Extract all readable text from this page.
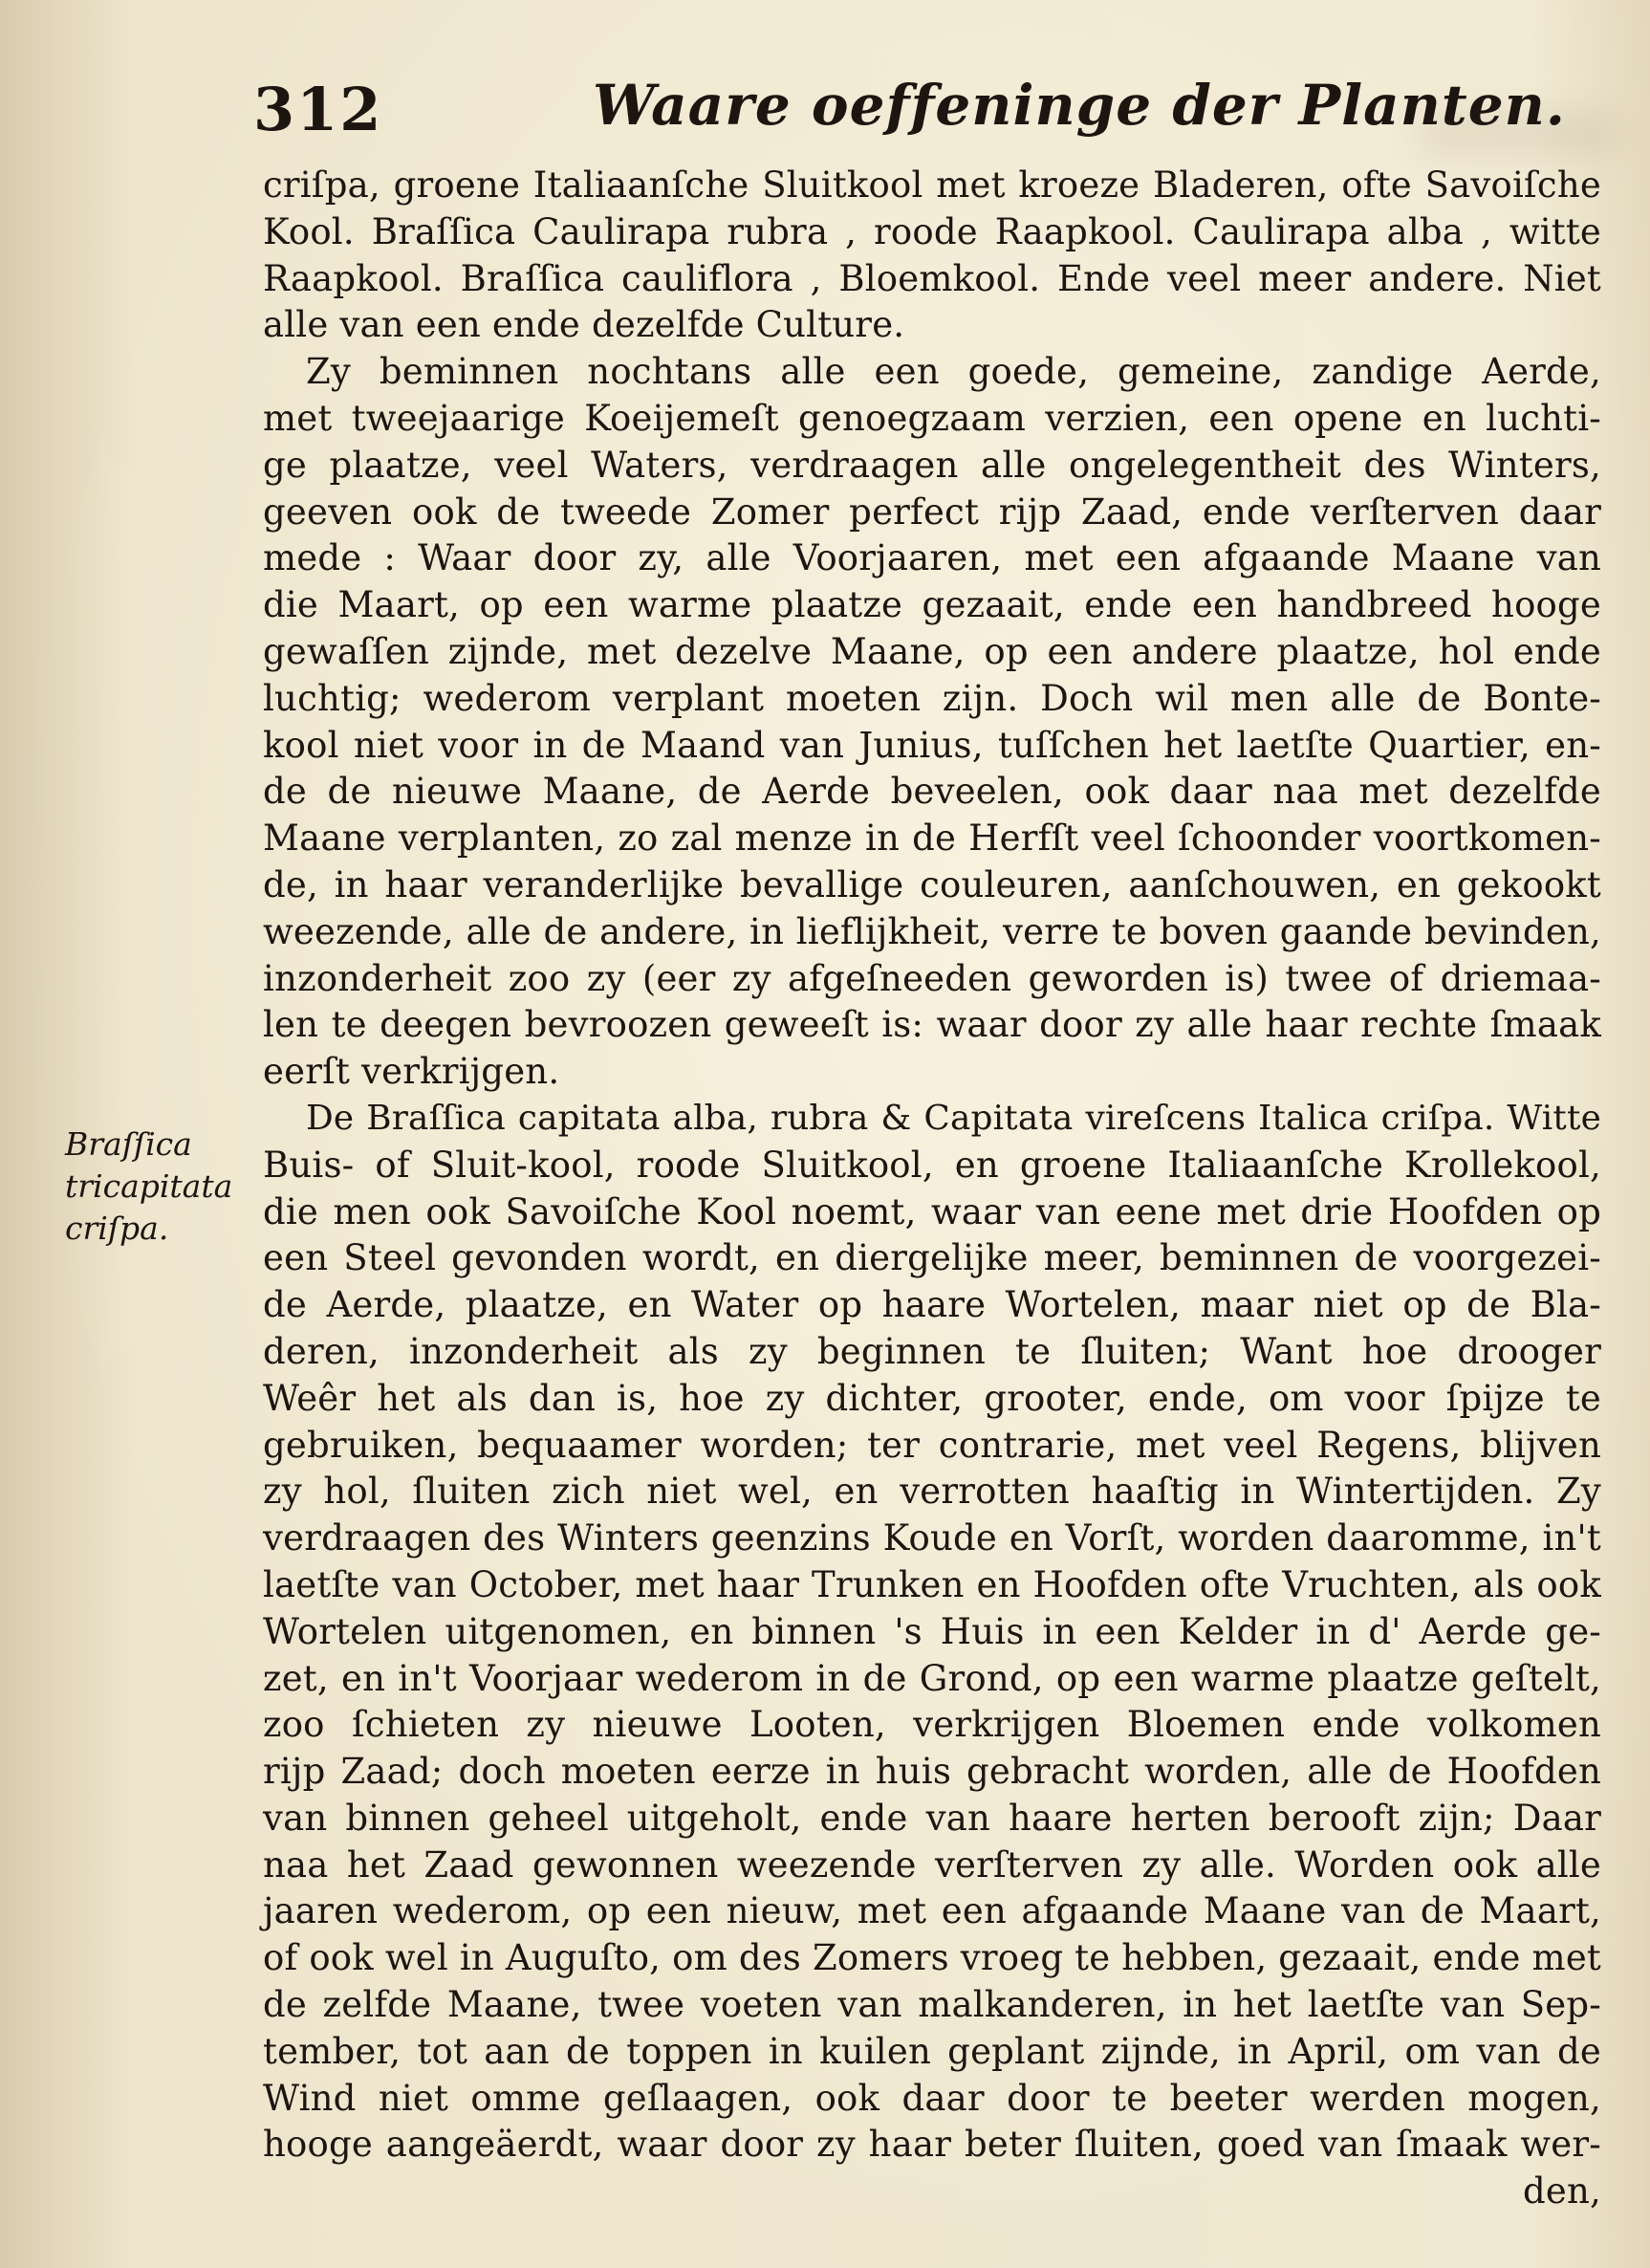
312	Waare oeffeninge der Planten.
Braſſica
tricapitata
criſpa.
criſpa, groene Italiaanſche Sluitkool met kroeze Bladeren, ofte Savoiſche
Kool. Braſſica Caulirapa rubra , roode Raapkool. Caulirapa alba , witte
Raapkool. Braſſica cauliflora , Bloemkool. Ende veel meer andere. Niet
alle van een ende dezelfde Culture.
Zy beminnen nochtans alle een goede, gemeine, zandige Aerde,
met tweejaarige Koeijemeſt genoegzaam verzien, een opene en luchti-
ge plaatze, veel Waters, verdraagen alle ongelegentheit des Winters,
geeven ook de tweede Zomer perfect rijp Zaad, ende verſterven daar
mede : Waar door zy, alle Voorjaaren, met een afgaande Maane van
die Maart, op een warme plaatze gezaait, ende een handbreed hooge
gewaſſen zijnde, met dezelve Maane, op een andere plaatze, hol ende
luchtig; wederom verplant moeten zijn. Doch wil men alle de Bonte-
kool niet voor in de Maand van Junius, tuſſchen het laetſte Quartier, en-
de de nieuwe Maane, de Aerde beveelen, ook daar naa met dezelfde
Maane verplanten, zo zal menze in de Herfſt veel ſchoonder voortkomen-
de, in haar veranderlijke bevallige couleuren, aanſchouwen, en gekookt
weezende, alle de andere, in lieflijkheit, verre te boven gaande bevinden,
inzonderheit zoo zy (eer zy afgeſneeden geworden is) twee of driemaa-
len te deegen bevroozen geweeſt is: waar door zy alle haar rechte ſmaak
eerſt verkrijgen.
De Braſſica capitata alba, rubra & Capitata vireſcens Italica criſpa. Witte
Buis- of Sluit-kool, roode Sluitkool, en groene Italiaanſche Krollekool,
die men ook Savoiſche Kool noemt, waar van eene met drie Hoofden op
een Steel gevonden wordt, en diergelijke meer, beminnen de voorgezei-
de Aerde, plaatze, en Water op haare Wortelen, maar niet op de Bla-
deren, inzonderheit als zy beginnen te ſluiten; Want hoe drooger
Weêr het als dan is, hoe zy dichter, grooter, ende, om voor ſpijze te
gebruiken, bequaamer worden; ter contrarie, met veel Regens, blijven
zy hol, ſluiten zich niet wel, en verrotten haaſtig in Wintertijden. Zy
verdraagen des Winters geenzins Koude en Vorſt, worden daaromme, in't
laetſte van October, met haar Trunken en Hoofden ofte Vruchten, als ook
Wortelen uitgenomen, en binnen 's Huis in een Kelder in d' Aerde ge-
zet, en in't Voorjaar wederom in de Grond, op een warme plaatze geſtelt,
zoo ſchieten zy nieuwe Looten, verkrijgen Bloemen ende volkomen
rijp Zaad; doch moeten eerze in huis gebracht worden, alle de Hoofden
van binnen geheel uitgeholt, ende van haare herten berooft zijn; Daar
naa het Zaad gewonnen weezende verſterven zy alle. Worden ook alle
jaaren wederom, op een nieuw, met een afgaande Maane van de Maart,
of ook wel in Auguſto, om des Zomers vroeg te hebben, gezaait, ende met
de zelfde Maane, twee voeten van malkanderen, in het laetſte van Sep-
tember, tot aan de toppen in kuilen geplant zijnde, in April, om van de
Wind niet omme geſlaagen, ook daar door te beeter werden mogen,
hooge aangeäerdt, waar door zy haar beter ſluiten, goed van ſmaak wer-
den,
